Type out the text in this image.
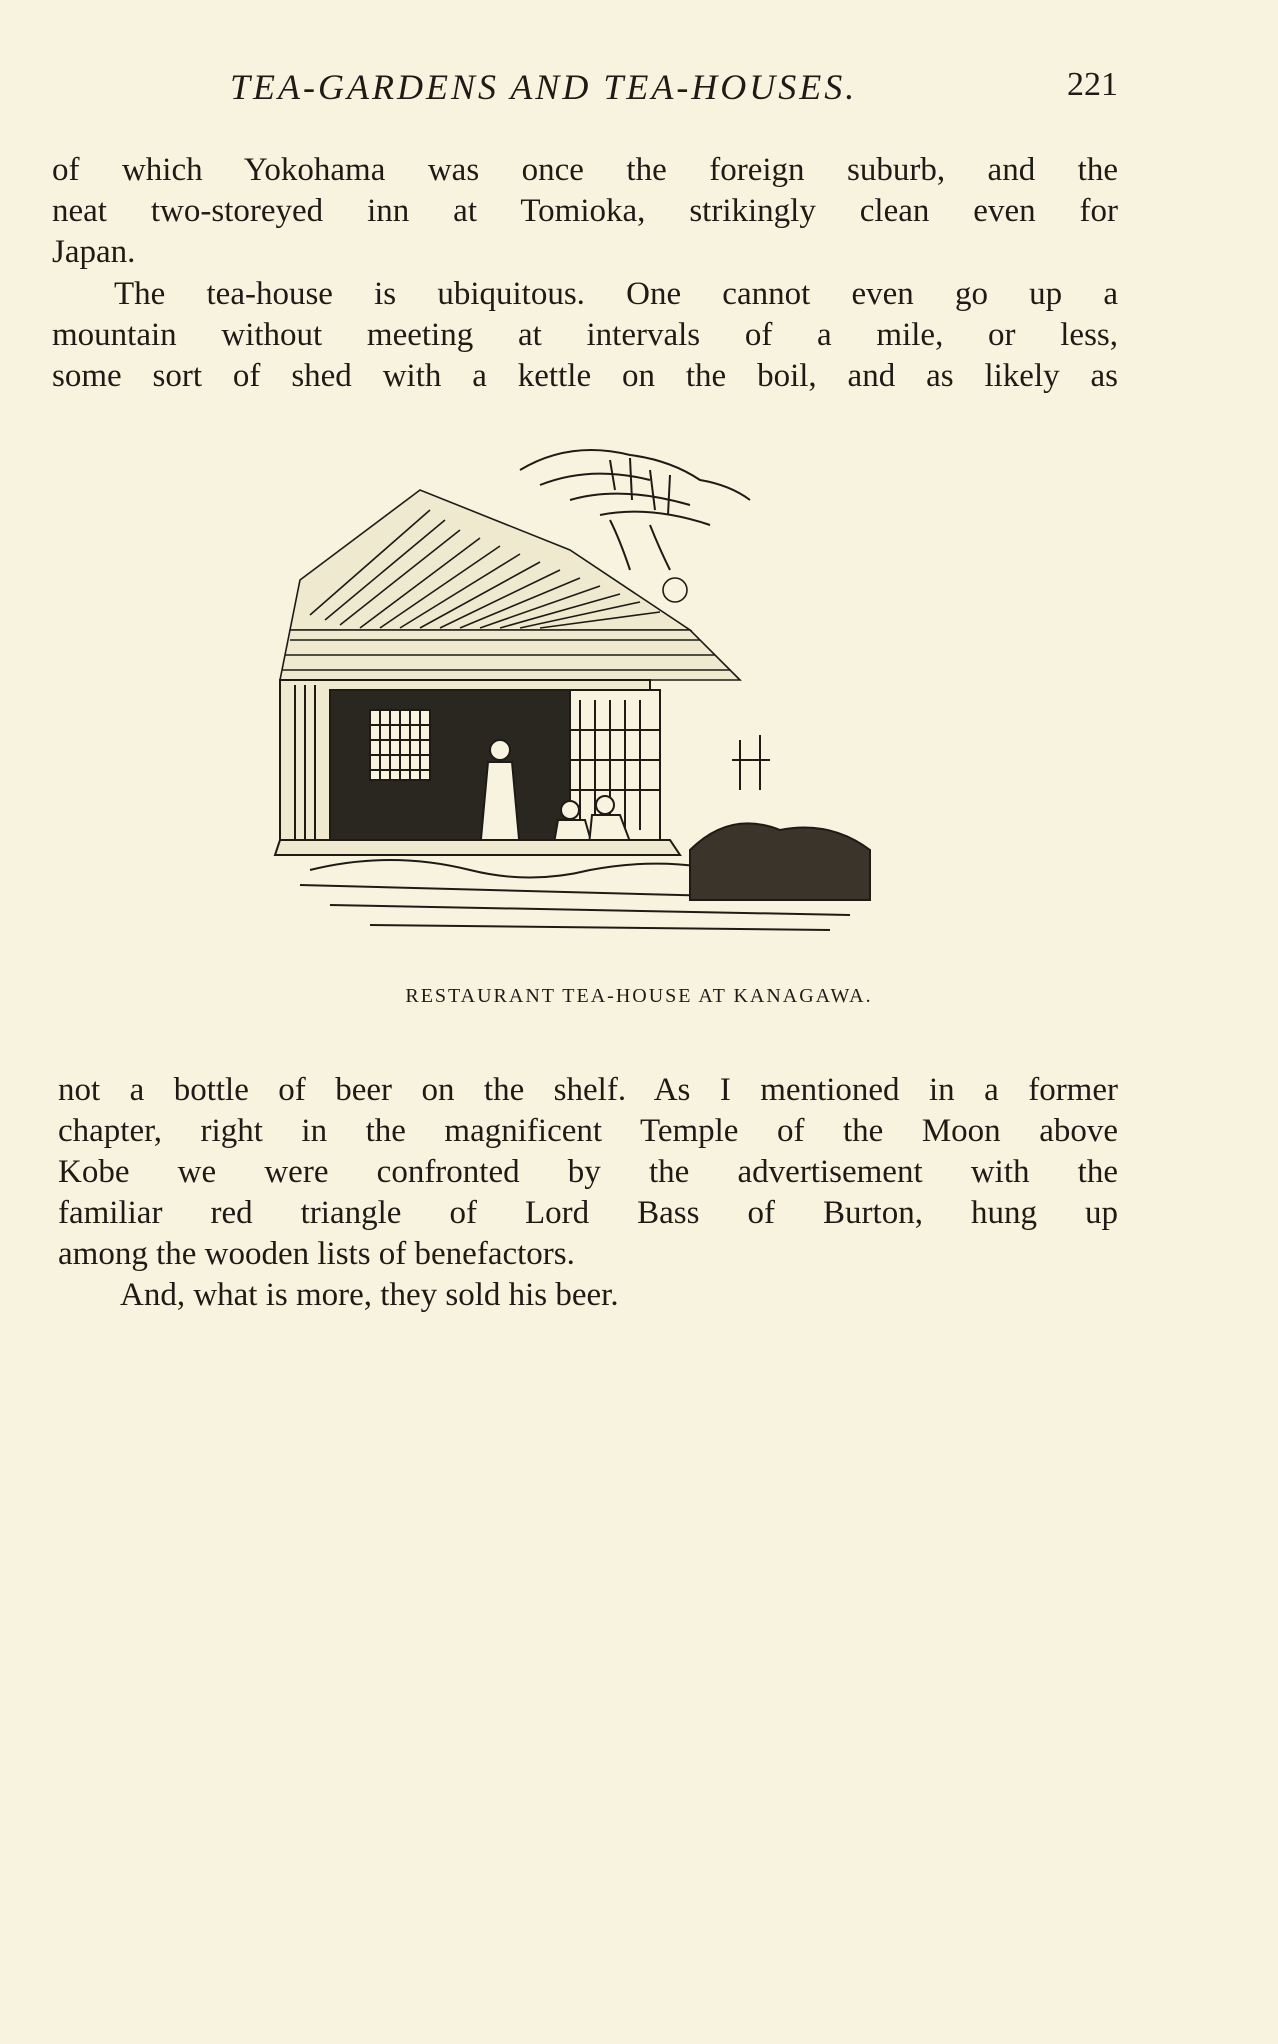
TEA-GARDENS AND TEA-HOUSES.	221

of which Yokohama was once the foreign suburb, and the
neat two-storeyed inn at Tomioka, strikingly clean even for
Japan.

The tea-house is ubiquitous. One cannot even go up a
mountain without meeting at intervals of a mile, or less,
some sort of shed with a kettle on the boil, and as likely as

RESTAURANT TEA-HOUSE AT KANAGAWA.

not a bottle of beer on the shelf. As I mentioned in a former
chapter, right in the magnificent Temple of the Moon above
Kobe we were confronted by the advertisement with the
familiar red triangle of Lord Bass of Burton, hung up
among the wooden lists of benefactors.

And, what is more, they sold his beer.
